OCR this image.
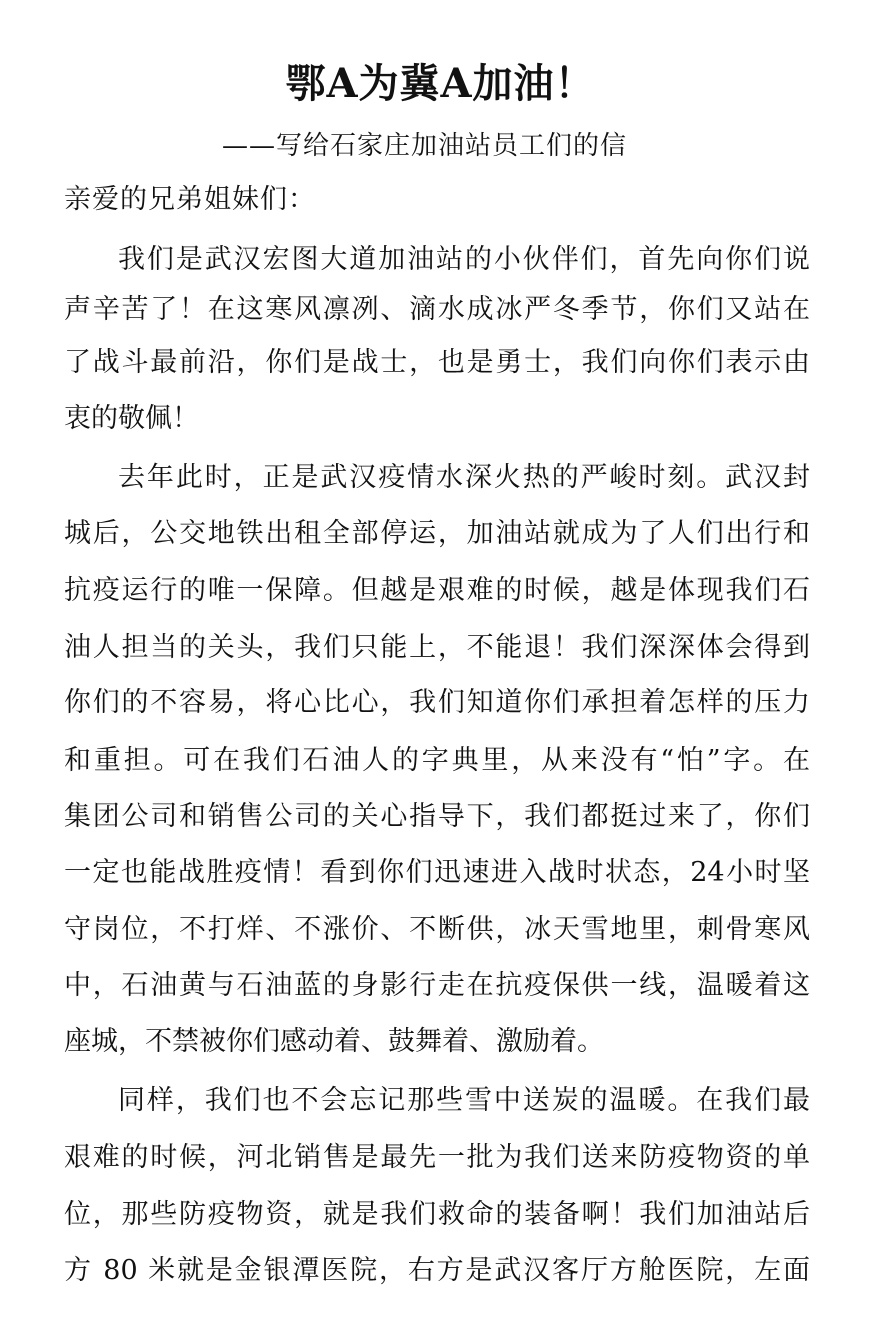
鄂A为冀A加油！
——写给石家庄加油站员工们的信
亲爱的兄弟姐妹们：
我们是武汉宏图大道加油站的小伙伴们，首先向你们说
声辛苦了！在这寒风凛冽、滴水成冰严冬季节，你们又站在
了战斗最前沿，你们是战士，也是勇士，我们向你们表示由
衷的敬佩！
去年此时，正是武汉疫情水深火热的严峻时刻。武汉封
城后，公交地铁出租全部停运，加油站就成为了人们出行和
抗疫运行的唯一保障。但越是艰难的时候，越是体现我们石
油人担当的关头，我们只能上，不能退！我们深深体会得到
你们的不容易，将心比心，我们知道你们承担着怎样的压力
和重担。可在我们石油人的字典里，从来没有“怕”字。在
集团公司和销售公司的关心指导下，我们都挺过来了，你们
一定也能战胜疫情！看到你们迅速进入战时状态，24小时坚
守岗位，不打烊、不涨价、不断供，冰天雪地里，刺骨寒风
中，石油黄与石油蓝的身影行走在抗疫保供一线，温暖着这
座城，不禁被你们感动着、鼓舞着、激励着。
同样，我们也不会忘记那些雪中送炭的温暖。在我们最
艰难的时候，河北销售是最先一批为我们送来防疫物资的单
位，那些防疫物资，就是我们救命的装备啊！我们加油站后
方 80 米就是金银潭医院，右方是武汉客厅方舱医院，左面
